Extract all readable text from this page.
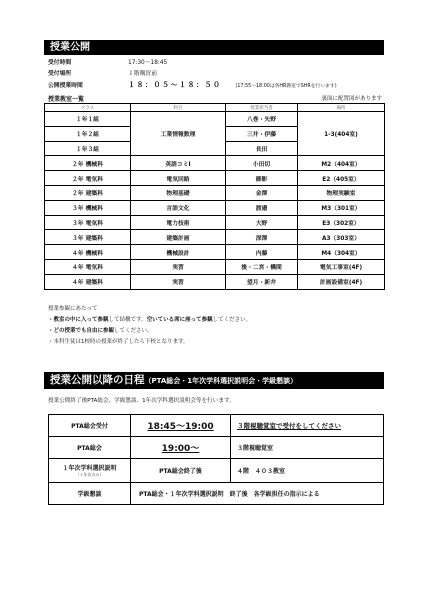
授業公開
受付時間	17:30～18:45
受付場所	１階購買前
公開授業時間	１８：０５～１８：５０	(17:55～18:00は各HR教室でSHRを行います)
授業教室一覧	裏面に配置図があります
クラス	科目	授業担当者	場所
１年１組	工業情報数理	八巻・矢野	1-3(404室)
１年２組		三井・伊藤	
１年３組		長田	
２年 機械科	英語コミⅠ	小田切	M2（404室）
２年 電気科	電気回路	御影	E2（405室）
２年 建築科	物理基礎	金澤	物理実験室
３年 機械科	言語文化	渡邉	M3（301室）
３年 電気科	電力技術	大野	E3（302室）
３年 建築科	建築計画	深澤	A3（303室）
４年 機械科	機械設計	内藤	M4（304室）
４年 電気科	実習	後・二宮・橋間	電気工事室(4F)
４年 建築科	実習	望月・新井	計画設備室(4F)
授業参観にあたって
・教室の中に入って参観して結構です。空いている席に座って参観してください。
・どの授業でも自由に参観してください。
・本科生徒は1校時の授業が終了したら下校となります。
授業公開以降の日程（PTA総会・1年次学科選択説明会・学級懇談）
授業公開終了後PTA総会、学級懇談、1年次学科選択説明会等を行います。
PTA総会受付	18:45～19:00	３階視聴覚室で受付をしてください
PTA総会	19:00～	３階視聴覚室
１年次学科選択説明
（１年次のみ）	PTA総会終了後	４階　４０３教室
学級懇談	PTA総会・１年次学科選択説明　終了後　各学級担任の指示による	
